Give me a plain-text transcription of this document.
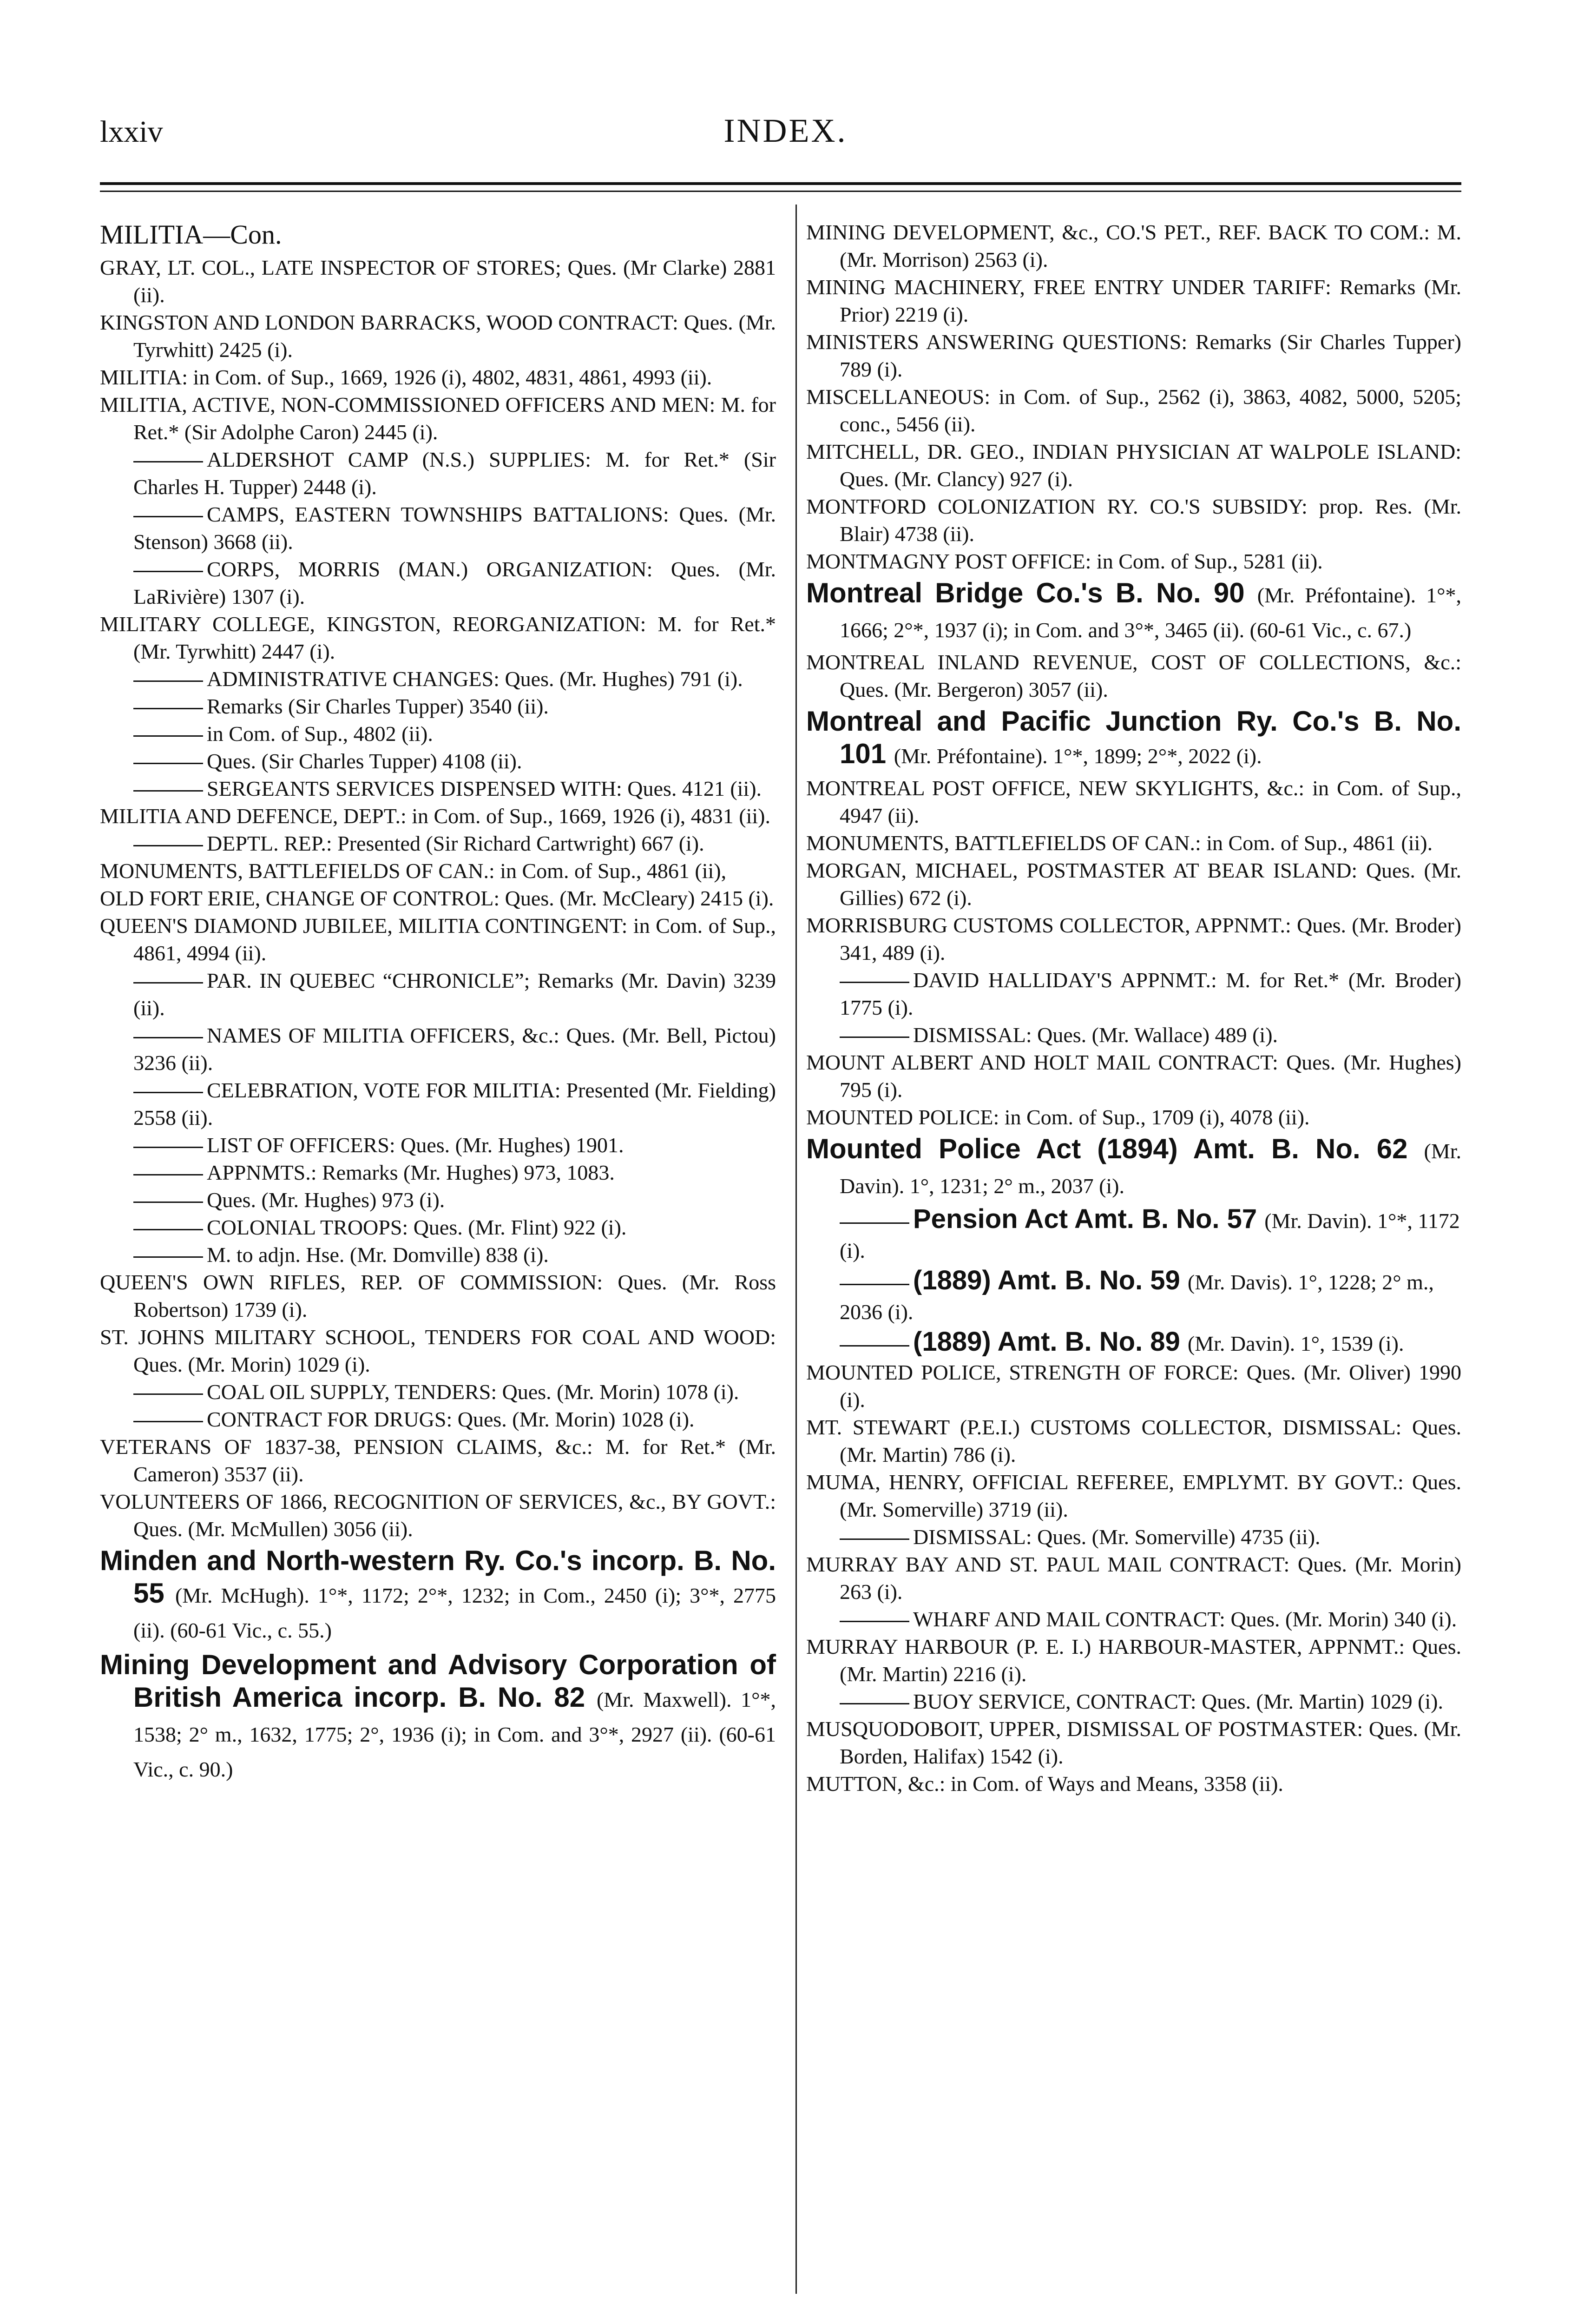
lxxiv	INDEX.

MILITIA—Con.

GRAY, LT. COL., LATE INSPECTOR OF STORES; Ques. (Mr Clarke) 2881 (ii).

KINGSTON AND LONDON BARRACKS, WOOD CONTRACT: Ques. (Mr. Tyrwhitt) 2425 (i).

MILITIA: in Com. of Sup., 1669, 1926 (i), 4802, 4831, 4861, 4993 (ii).

MILITIA, ACTIVE, NON-COMMISSIONED OFFICERS AND MEN: M. for Ret.* (Sir Adolphe Caron) 2445 (i).

ALDERSHOT CAMP (N.S.) SUPPLIES: M. for Ret.* (Sir Charles H. Tupper) 2448 (i).

CAMPS, EASTERN TOWNSHIPS BATTALIONS: Ques. (Mr. Stenson) 3668 (ii).

CORPS, MORRIS (MAN.) ORGANIZATION: Ques. (Mr. LaRivière) 1307 (i).

MILITARY COLLEGE, KINGSTON, REORGANIZATION: M. for Ret.* (Mr. Tyrwhitt) 2447 (i).

ADMINISTRATIVE CHANGES: Ques. (Mr. Hughes) 791 (i).

Remarks (Sir Charles Tupper) 3540 (ii).

in Com. of Sup., 4802 (ii).

Ques. (Sir Charles Tupper) 4108 (ii).

SERGEANTS SERVICES DISPENSED WITH: Ques. 4121 (ii).

MILITIA AND DEFENCE, DEPT.: in Com. of Sup., 1669, 1926 (i), 4831 (ii).

DEPTL. REP.: Presented (Sir Richard Cartwright) 667 (i).

MONUMENTS, BATTLEFIELDS OF CAN.: in Com. of Sup., 4861 (ii),

OLD FORT ERIE, CHANGE OF CONTROL: Ques. (Mr. McCleary) 2415 (i).

QUEEN'S DIAMOND JUBILEE, MILITIA CONTINGENT: in Com. of Sup., 4861, 4994 (ii).

PAR. IN QUEBEC “CHRONICLE”; Remarks (Mr. Davin) 3239 (ii).

NAMES OF MILITIA OFFICERS, &c.: Ques. (Mr. Bell, Pictou) 3236 (ii).

CELEBRATION, VOTE FOR MILITIA: Presented (Mr. Fielding) 2558 (ii).

LIST OF OFFICERS: Ques. (Mr. Hughes) 1901.

APPNMTS.: Remarks (Mr. Hughes) 973, 1083.

Ques. (Mr. Hughes) 973 (i).

COLONIAL TROOPS: Ques. (Mr. Flint) 922 (i).

M. to adjn. Hse. (Mr. Domville) 838 (i).

QUEEN'S OWN RIFLES, REP. OF COMMISSION: Ques. (Mr. Ross Robertson) 1739 (i).

ST. JOHNS MILITARY SCHOOL, TENDERS FOR COAL AND WOOD: Ques. (Mr. Morin) 1029 (i).

COAL OIL SUPPLY, TENDERS: Ques. (Mr. Morin) 1078 (i).

CONTRACT FOR DRUGS: Ques. (Mr. Morin) 1028 (i).

VETERANS OF 1837-38, PENSION CLAIMS, &c.: M. for Ret.* (Mr. Cameron) 3537 (ii).

VOLUNTEERS OF 1866, RECOGNITION OF SERVICES, &c., BY GOVT.: Ques. (Mr. McMullen) 3056 (ii).

Minden and North-western Ry. Co.'s incorp. B. No. 55 (Mr. McHugh). 1°*, 1172; 2°*, 1232; in Com., 2450 (i); 3°*, 2775 (ii). (60-61 Vic., c. 55.)

Mining Development and Advisory Corporation of British America incorp. B. No. 82 (Mr. Maxwell). 1°*, 1538; 2° m., 1632, 1775; 2°, 1936 (i); in Com. and 3°*, 2927 (ii). (60-61 Vic., c. 90.)

MINING DEVELOPMENT, &c., CO.'S PET., REF. BACK TO COM.: M. (Mr. Morrison) 2563 (i).

MINING MACHINERY, FREE ENTRY UNDER TARIFF: Remarks (Mr. Prior) 2219 (i).

MINISTERS ANSWERING QUESTIONS: Remarks (Sir Charles Tupper) 789 (i).

MISCELLANEOUS: in Com. of Sup., 2562 (i), 3863, 4082, 5000, 5205; conc., 5456 (ii).

MITCHELL, DR. GEO., INDIAN PHYSICIAN AT WALPOLE ISLAND: Ques. (Mr. Clancy) 927 (i).

MONTFORD COLONIZATION RY. CO.'S SUBSIDY: prop. Res. (Mr. Blair) 4738 (ii).

MONTMAGNY POST OFFICE: in Com. of Sup., 5281 (ii).

Montreal Bridge Co.'s B. No. 90 (Mr. Préfontaine). 1°*, 1666; 2°*, 1937 (i); in Com. and 3°*, 3465 (ii). (60-61 Vic., c. 67.)

MONTREAL INLAND REVENUE, COST OF COLLECTIONS, &c.: Ques. (Mr. Bergeron) 3057 (ii).

Montreal and Pacific Junction Ry. Co.'s B. No. 101 (Mr. Préfontaine). 1°*, 1899; 2°*, 2022 (i).

MONTREAL POST OFFICE, NEW SKYLIGHTS, &c.: in Com. of Sup., 4947 (ii).

MONUMENTS, BATTLEFIELDS OF CAN.: in Com. of Sup., 4861 (ii).

MORGAN, MICHAEL, POSTMASTER AT BEAR ISLAND: Ques. (Mr. Gillies) 672 (i).

MORRISBURG CUSTOMS COLLECTOR, APPNMT.: Ques. (Mr. Broder) 341, 489 (i).

DAVID HALLIDAY'S APPNMT.: M. for Ret.* (Mr. Broder) 1775 (i).

DISMISSAL: Ques. (Mr. Wallace) 489 (i).

MOUNT ALBERT AND HOLT MAIL CONTRACT: Ques. (Mr. Hughes) 795 (i).

MOUNTED POLICE: in Com. of Sup., 1709 (i), 4078 (ii).

Mounted Police Act (1894) Amt. B. No. 62 (Mr. Davin). 1°, 1231; 2° m., 2037 (i).

Pension Act Amt. B. No. 57 (Mr. Davin). 1°*, 1172 (i).

(1889) Amt. B. No. 59 (Mr. Davis). 1°, 1228; 2° m., 2036 (i).

(1889) Amt. B. No. 89 (Mr. Davin). 1°, 1539 (i).

MOUNTED POLICE, STRENGTH OF FORCE: Ques. (Mr. Oliver) 1990 (i).

MT. STEWART (P.E.I.) CUSTOMS COLLECTOR, DISMISSAL: Ques. (Mr. Martin) 786 (i).

MUMA, HENRY, OFFICIAL REFEREE, EMPLYMT. BY GOVT.: Ques. (Mr. Somerville) 3719 (ii).

DISMISSAL: Ques. (Mr. Somerville) 4735 (ii).

MURRAY BAY AND ST. PAUL MAIL CONTRACT: Ques. (Mr. Morin) 263 (i).

WHARF AND MAIL CONTRACT: Ques. (Mr. Morin) 340 (i).

MURRAY HARBOUR (P. E. I.) HARBOUR-MASTER, APPNMT.: Ques. (Mr. Martin) 2216 (i).

BUOY SERVICE, CONTRACT: Ques. (Mr. Martin) 1029 (i).

MUSQUODOBOIT, UPPER, DISMISSAL OF POSTMASTER: Ques. (Mr. Borden, Halifax) 1542 (i).

MUTTON, &c.: in Com. of Ways and Means, 3358 (ii).
